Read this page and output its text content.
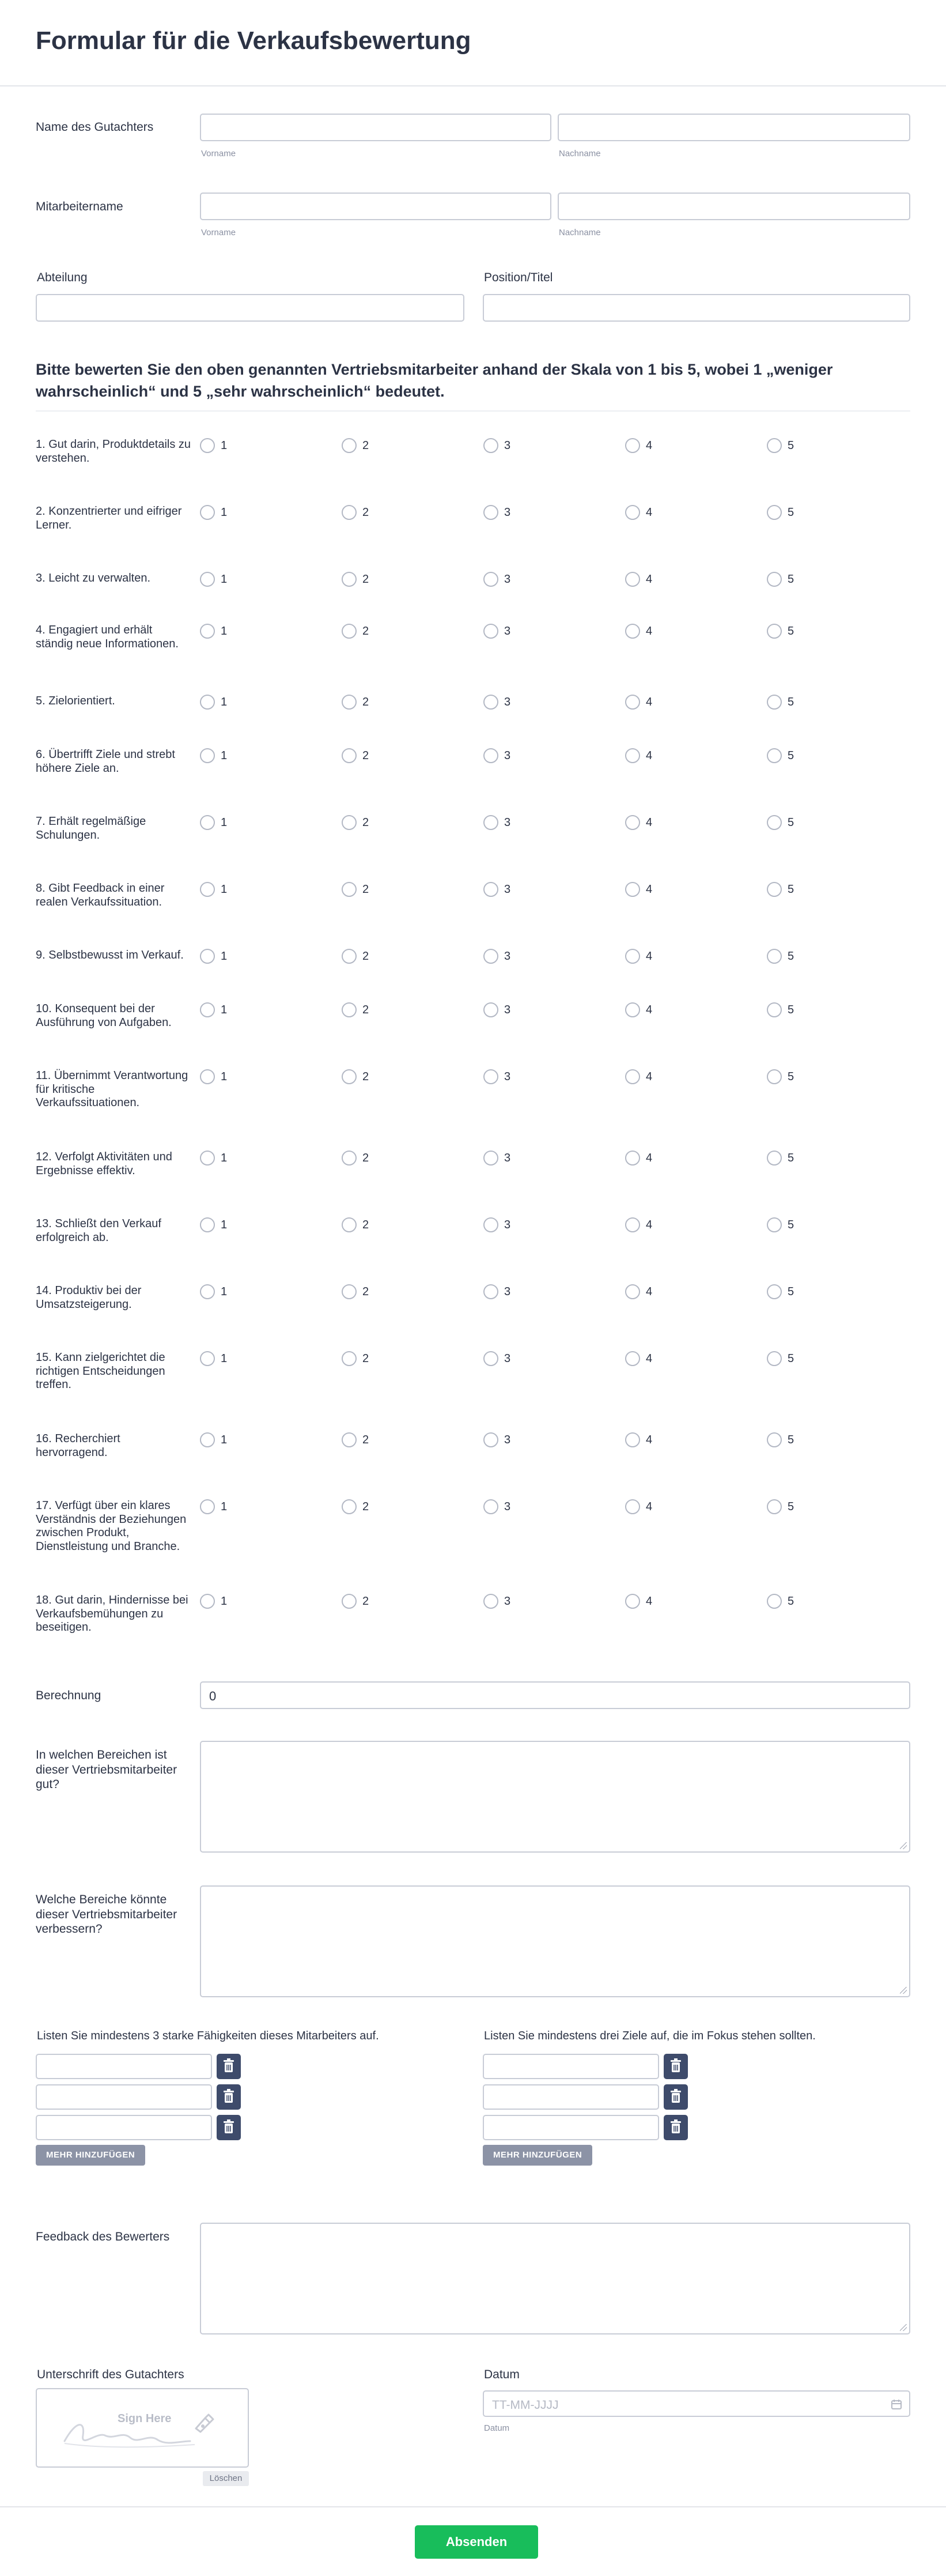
Formular für die Verkaufsbewertung
Name des Gutachters
Vorname	Nachname
Mitarbeitername
Vorname	Nachname
Abteilung	Position/Titel
Bitte bewerten Sie den oben genannten Vertriebsmitarbeiter anhand der Skala von 1 bis 5, wobei 1 „weniger wahrscheinlich“ und 5 „sehr wahrscheinlich“ bedeutet.
1. Gut darin, Produktdetails zu verstehen.
1	2	3	4	5
2. Konzentrierter und eifriger Lerner.
1	2	3	4	5
3. Leicht zu verwalten.	1	2	3	4	5
4. Engagiert und erhält ständig neue Informationen.
1	2	3	4	5
5. Zielorientiert.	1	2	3	4	5
6. Übertrifft Ziele und strebt höhere Ziele an.
1	2	3	4	5
7. Erhält regelmäßige Schulungen.
1	2	3	4	5
8. Gibt Feedback in einer realen Verkaufssituation.
1	2	3	4	5
9. Selbstbewusst im Verkauf.	1	2	3	4	5
10. Konsequent bei der Ausführung von Aufgaben.
1	2	3	4	5
11. Übernimmt Verantwortung für kritische Verkaufssituationen.
1	2	3	4	5
12. Verfolgt Aktivitäten und Ergebnisse effektiv.
1	2	3	4	5
13. Schließt den Verkauf erfolgreich ab.
1	2	3	4	5
14. Produktiv bei der Umsatzsteigerung.
1	2	3	4	5
15. Kann zielgerichtet die richtigen Entscheidungen treffen.
1	2	3	4	5
16. Recherchiert hervorragend.
1	2	3	4	5
17. Verfügt über ein klares Verständnis der Beziehungen zwischen Produkt, Dienstleistung und Branche.
1	2	3	4	5
18. Gut darin, Hindernisse bei Verkaufsbemühungen zu beseitigen.
1	2	3	4	5
Berechnung	0
In welchen Bereichen ist dieser Vertriebsmitarbeiter gut?
Welche Bereiche könnte dieser Vertriebsmitarbeiter verbessern?
Listen Sie mindestens 3 starke Fähigkeiten dieses Mitarbeiters auf.	Listen Sie mindestens drei Ziele auf, die im Fokus stehen sollten.
MEHR HINZUFÜGEN	MEHR HINZUFÜGEN
Feedback des Bewerters
Unterschrift des Gutachters
Sign Here
Löschen
Datum
TT-MM-JJJJ
Datum
Absenden
